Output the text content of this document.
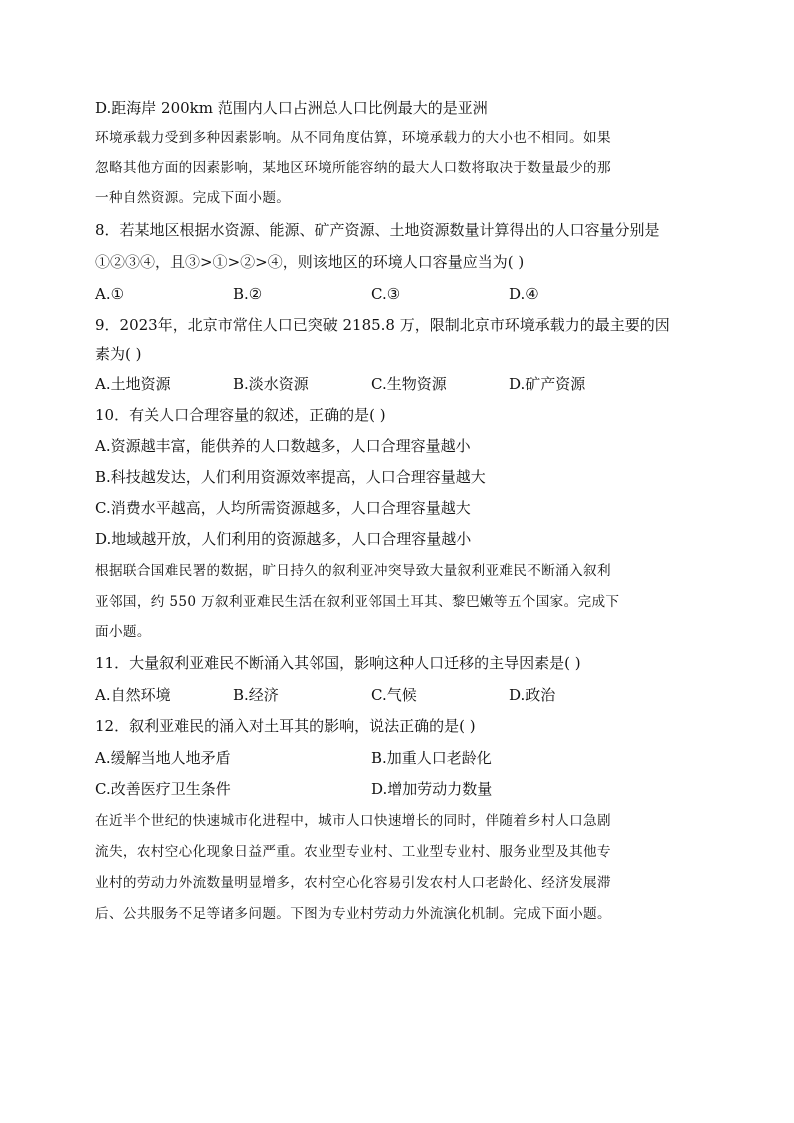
D.距海岸 200km 范围内人口占洲总人口比例最大的是亚洲
环境承载力受到多种因素影响。从不同角度估算，环境承载力的大小也不相同。如果
忽略其他方面的因素影响，某地区环境所能容纳的最大人口数将取决于数量最少的那
一种自然资源。完成下面小题。
8．若某地区根据水资源、能源、矿产资源、土地资源数量计算得出的人口容量分别是
①②③④，且③>①>②>④，则该地区的环境人口容量应当为( )
A.①	B.②	C.③	D.④
9．2023年，北京市常住人口已突破 2185.8 万，限制北京市环境承载力的最主要的因
素为( )
A.土地资源	B.淡水资源	C.生物资源	D.矿产资源
10．有关人口合理容量的叙述，正确的是( )
A.资源越丰富，能供养的人口数越多，人口合理容量越小
B.科技越发达，人们利用资源效率提高，人口合理容量越大
C.消费水平越高，人均所需资源越多，人口合理容量越大
D.地域越开放，人们利用的资源越多，人口合理容量越小
根据联合国难民署的数据，旷日持久的叙利亚冲突导致大量叙利亚难民不断涌入叙利
亚邻国，约 550 万叙利亚难民生活在叙利亚邻国土耳其、黎巴嫩等五个国家。完成下
面小题。
11．大量叙利亚难民不断涌入其邻国，影响这种人口迁移的主导因素是( )
A.自然环境	B.经济	C.气候	D.政治
12．叙利亚难民的涌入对土耳其的影响，说法正确的是( )
A.缓解当地人地矛盾	B.加重人口老龄化
C.改善医疗卫生条件	D.增加劳动力数量
在近半个世纪的快速城市化进程中，城市人口快速增长的同时，伴随着乡村人口急剧
流失，农村空心化现象日益严重。农业型专业村、工业型专业村、服务业型及其他专
业村的劳动力外流数量明显增多，农村空心化容易引发农村人口老龄化、经济发展滞
后、公共服务不足等诸多问题。下图为专业村劳动力外流演化机制。完成下面小题。
